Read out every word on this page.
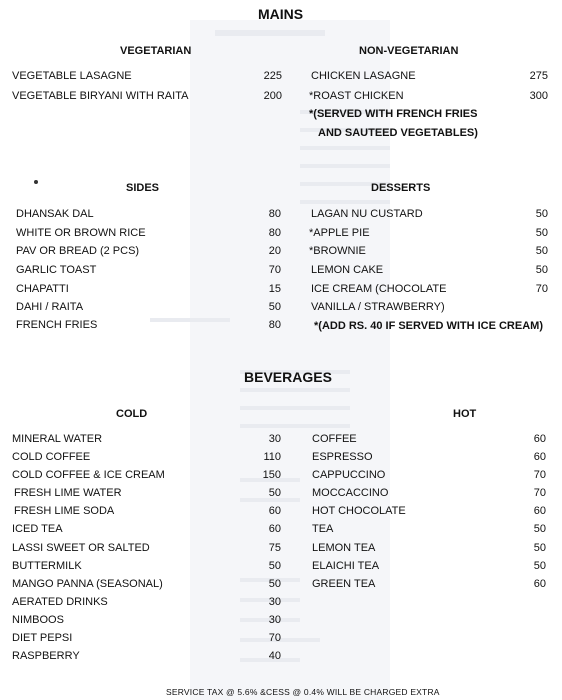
MAINS
VEGETARIAN	NON-VEGETARIAN
VEGETABLE LASAGNE	225
VEGETABLE BIRYANI WITH RAITA	200
CHICKEN LASAGNE	275
*ROAST CHICKEN	300
*(SERVED WITH FRENCH FRIES
AND SAUTEED VEGETABLES)
SIDES
DHANSAK DAL	80
WHITE OR BROWN RICE	80
PAV OR BREAD (2 PCS)	20
GARLIC TOAST	70
CHAPATTI	15
DAHI / RAITA	50
FRENCH FRIES	80
DESSERTS
LAGAN NU CUSTARD	50
*APPLE PIE	50
*BROWNIE	50
LEMON CAKE	50
ICE CREAM (CHOCOLATE	70
VANILLA / STRAWBERRY)
*(ADD RS. 40 IF SERVED WITH ICE CREAM)
BEVERAGES
COLD	HOT
MINERAL WATER	30
COLD COFFEE	110
COLD COFFEE & ICE CREAM	150
FRESH LIME WATER	50
FRESH LIME SODA	60
ICED TEA	60
LASSI SWEET OR SALTED	75
BUTTERMILK	50
MANGO PANNA (SEASONAL)	50
AERATED DRINKS	30
NIMBOOS	30
DIET PEPSI	70
RASPBERRY	40
COFFEE	60
ESPRESSO	60
CAPPUCCINO	70
MOCCACCINO	70
HOT CHOCOLATE	60
TEA	50
LEMON TEA	50
ELAICHI TEA	50
GREEN TEA	60
SERVICE TAX @ 5.6% &CESS @ 0.4% WILL BE CHARGED EXTRA
